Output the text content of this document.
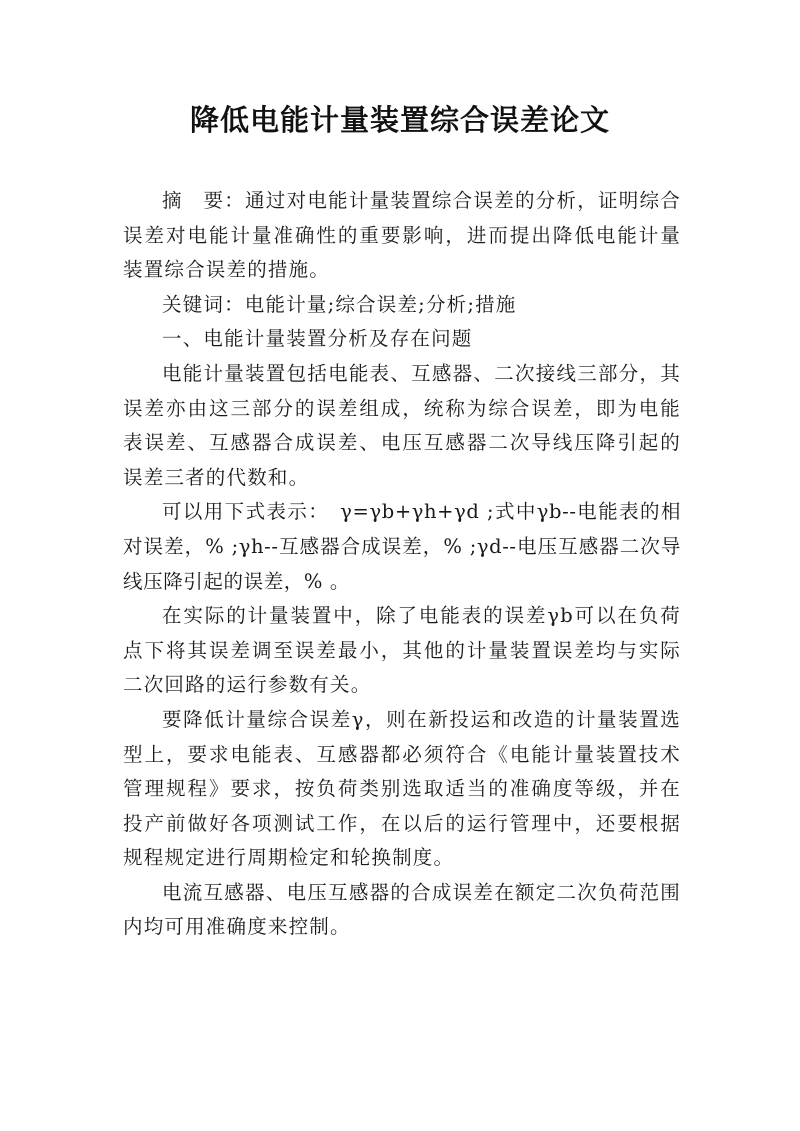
降低电能计量装置综合误差论文

摘　要：通过对电能计量装置综合误差的分析，证明综合误差对电能计量准确性的重要影响，进而提出降低电能计量装置综合误差的措施。

关键词：电能计量;综合误差;分析;措施

一、电能计量装置分析及存在问题

电能计量装置包括电能表、互感器、二次接线三部分，其误差亦由这三部分的误差组成，统称为综合误差，即为电能表误差、互感器合成误差、电压互感器二次导线压降引起的误差三者的代数和。

可以用下式表示：　γ=γb+γh+γd ;式中γb--电能表的相对误差，% ;γh--互感器合成误差，% ;γd--电压互感器二次导线压降引起的误差，% 。

在实际的计量装置中，除了电能表的误差γb可以在负荷点下将其误差调至误差最小，其他的计量装置误差均与实际二次回路的运行参数有关。

要降低计量综合误差γ，则在新投运和改造的计量装置选型上，要求电能表、互感器都必须符合《电能计量装置技术管理规程》要求，按负荷类别选取适当的准确度等级，并在投产前做好各项测试工作，在以后的运行管理中，还要根据规程规定进行周期检定和轮换制度。

电流互感器、电压互感器的合成误差在额定二次负荷范围内均可用准确度来控制。
